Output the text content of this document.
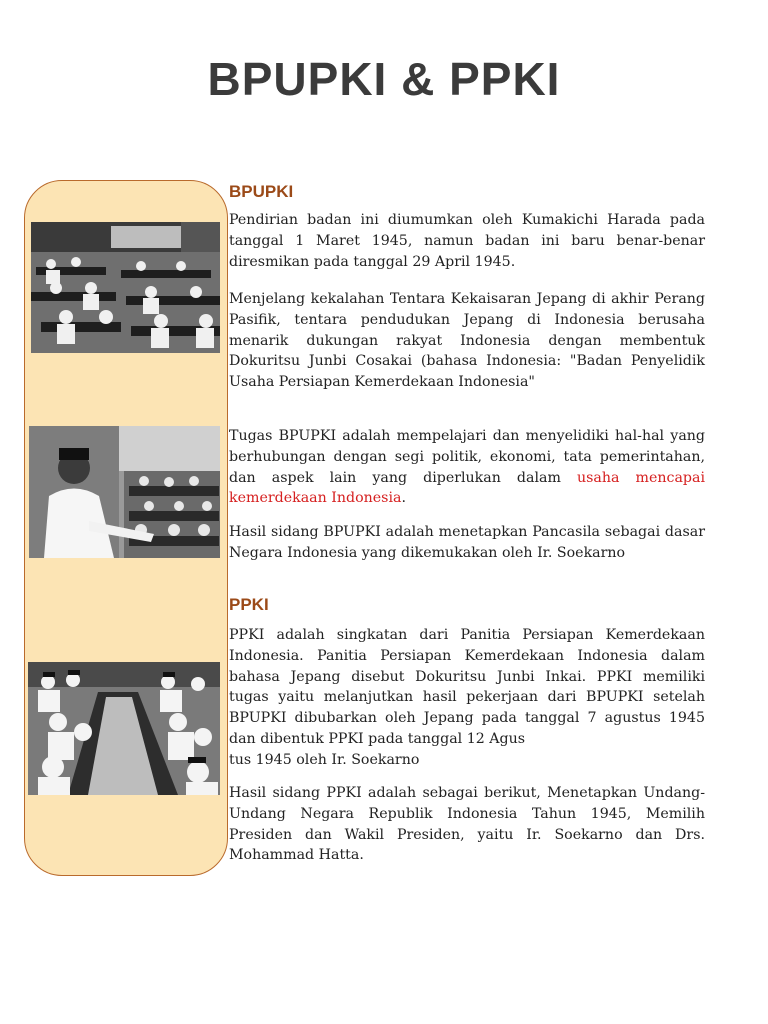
BPUPKI & PPKI
BPUPKI

Pendirian badan ini diumumkan oleh Kumakichi Harada pada tanggal 1 Maret 1945, namun badan ini baru benar-benar diresmikan pada tanggal 29 April 1945.

Menjelang kekalahan Tentara Kekaisaran Jepang di akhir Perang Pasifik, tentara pendudukan Jepang di Indonesia berusaha menarik dukungan rakyat Indonesia dengan membentuk Dokuritsu Junbi Cosakai (bahasa Indonesia: "Badan Penyelidik Usaha Persiapan Kemerdekaan Indonesia"

Tugas BPUPKI adalah mempelajari dan menyelidiki hal-hal yang berhubungan dengan segi politik, ekonomi, tata pemerintahan, dan aspek lain yang diperlukan dalam usaha mencapai kemerdekaan Indonesia.

Hasil sidang BPUPKI adalah menetapkan Pancasila sebagai dasar Negara Indonesia yang dikemukakan oleh Ir. Soekarno

PPKI

PPKI adalah singkatan dari Panitia Persiapan Kemerdekaan Indonesia. Panitia Persiapan Kemerdekaan Indonesia dalam bahasa Jepang disebut Dokuritsu Junbi Inkai. PPKI memiliki tugas yaitu melanjutkan hasil pekerjaan dari BPUPKI setelah BPUPKI dibubarkan oleh Jepang pada tanggal 7 agustus 1945 dan dibentuk PPKI pada tanggal 12 Agus
tus 1945 oleh Ir. Soekarno

Hasil sidang PPKI adalah sebagai berikut, Menetapkan Undang-Undang Negara Republik Indonesia Tahun 1945, Memilih Presiden dan Wakil Presiden, yaitu Ir. Soekarno dan Drs. Mohammad Hatta.
